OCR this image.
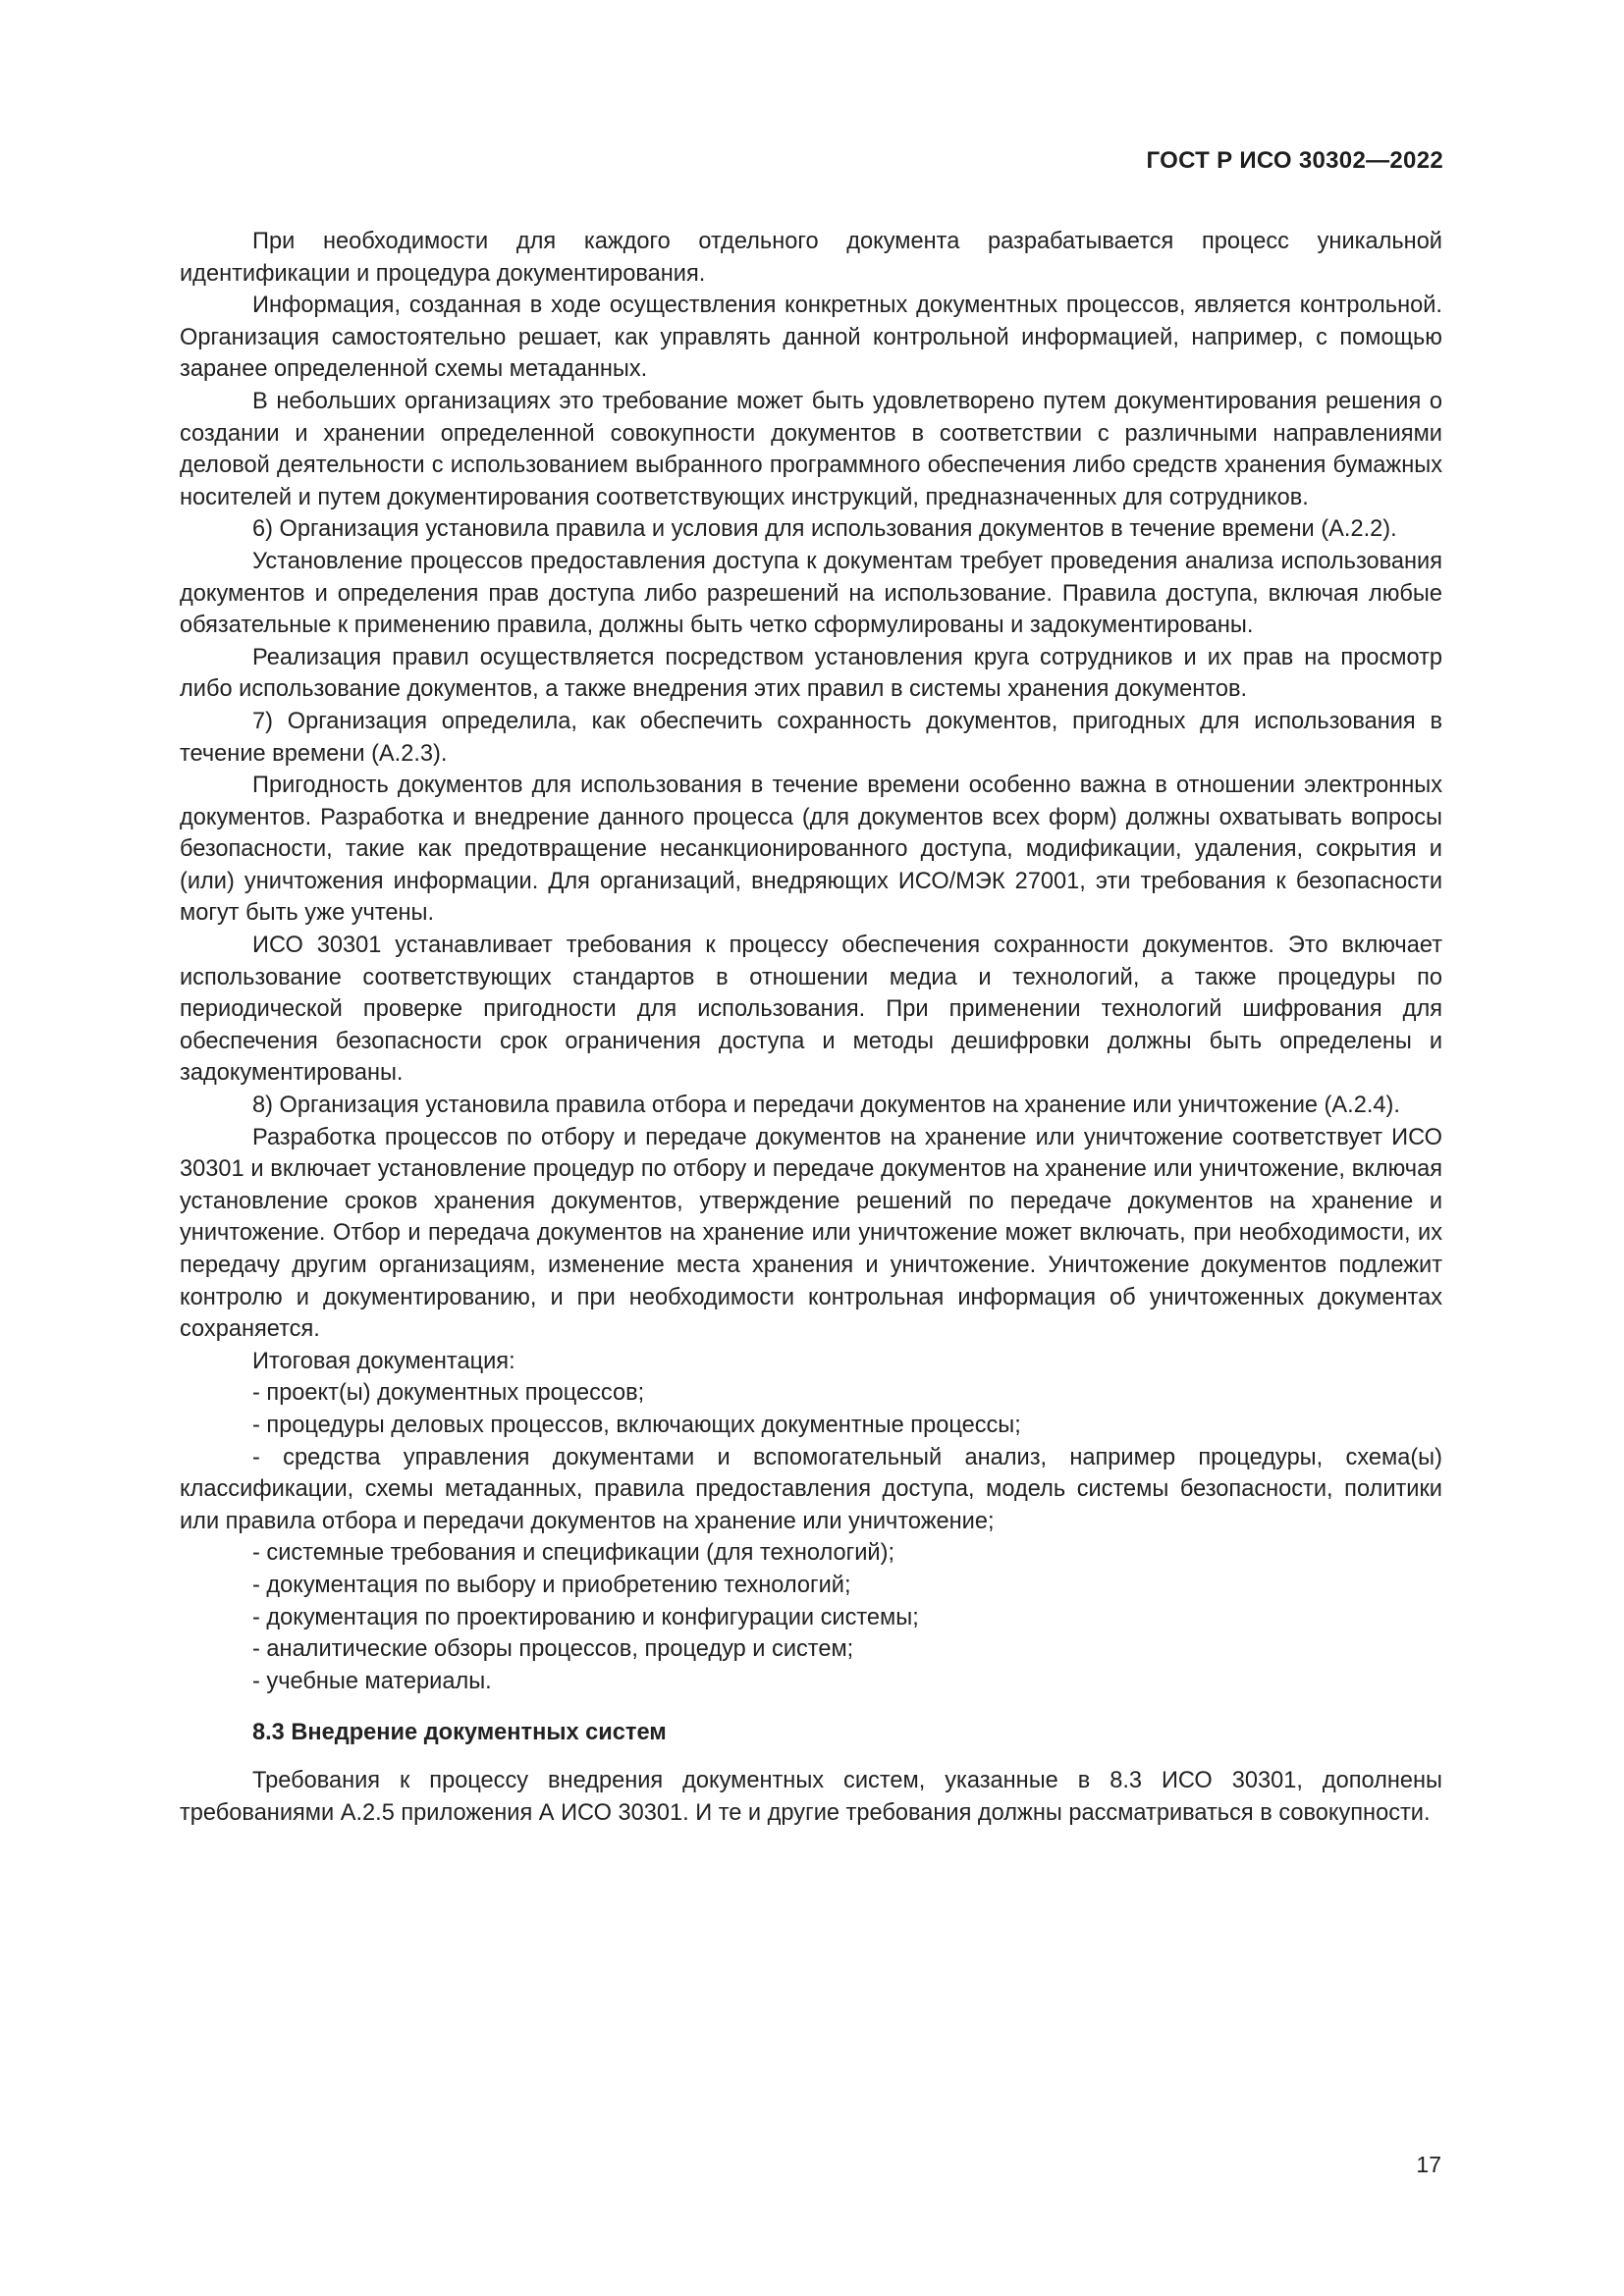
ГОСТ Р ИСО 30302—2022

При необходимости для каждого отдельного документа разрабатывается процесс уникальной идентификации и процедура документирования.

Информация, созданная в ходе осуществления конкретных документных процессов, является контрольной. Организация самостоятельно решает, как управлять данной контрольной информацией, например, с помощью заранее определенной схемы метаданных.

В небольших организациях это требование может быть удовлетворено путем документирования решения о создании и хранении определенной совокупности документов в соответствии с различными направлениями деловой деятельности с использованием выбранного программного обеспечения либо средств хранения бумажных носителей и путем документирования соответствующих инструкций, предназначенных для сотрудников.

6) Организация установила правила и условия для использования документов в течение времени (А.2.2).

Установление процессов предоставления доступа к документам требует проведения анализа использования документов и определения прав доступа либо разрешений на использование. Правила доступа, включая любые обязательные к применению правила, должны быть четко сформулированы и задокументированы.

Реализация правил осуществляется посредством установления круга сотрудников и их прав на просмотр либо использование документов, а также внедрения этих правил в системы хранения документов.

7) Организация определила, как обеспечить сохранность документов, пригодных для использования в течение времени (А.2.3).

Пригодность документов для использования в течение времени особенно важна в отношении электронных документов. Разработка и внедрение данного процесса (для документов всех форм) должны охватывать вопросы безопасности, такие как предотвращение несанкционированного доступа, модификации, удаления, сокрытия и (или) уничтожения информации. Для организаций, внедряющих ИСО/МЭК 27001, эти требования к безопасности могут быть уже учтены.

ИСО 30301 устанавливает требования к процессу обеспечения сохранности документов. Это включает использование соответствующих стандартов в отношении медиа и технологий, а также процедуры по периодической проверке пригодности для использования. При применении технологий шифрования для обеспечения безопасности срок ограничения доступа и методы дешифровки должны быть определены и задокументированы.

8) Организация установила правила отбора и передачи документов на хранение или уничтожение (А.2.4).

Разработка процессов по отбору и передаче документов на хранение или уничтожение соответствует ИСО 30301 и включает установление процедур по отбору и передаче документов на хранение или уничтожение, включая установление сроков хранения документов, утверждение решений по передаче документов на хранение и уничтожение. Отбор и передача документов на хранение или уничтожение может включать, при необходимости, их передачу другим организациям, изменение места хранения и уничтожение. Уничтожение документов подлежит контролю и документированию, и при необходимости контрольная информация об уничтоженных документах сохраняется.

Итоговая документация:

- проект(ы) документных процессов;

- процедуры деловых процессов, включающих документные процессы;

- средства управления документами и вспомогательный анализ, например процедуры, схема(ы) классификации, схемы метаданных, правила предоставления доступа, модель системы безопасности, политики или правила отбора и передачи документов на хранение или уничтожение;

- системные требования и спецификации (для технологий);

- документация по выбору и приобретению технологий;

- документация по проектированию и конфигурации системы;

- аналитические обзоры процессов, процедур и систем;

- учебные материалы.

8.3 Внедрение документных систем

Требования к процессу внедрения документных систем, указанные в 8.3 ИСО 30301, дополнены требованиями А.2.5 приложения А ИСО 30301. И те и другие требования должны рассматриваться в совокупности.

17
